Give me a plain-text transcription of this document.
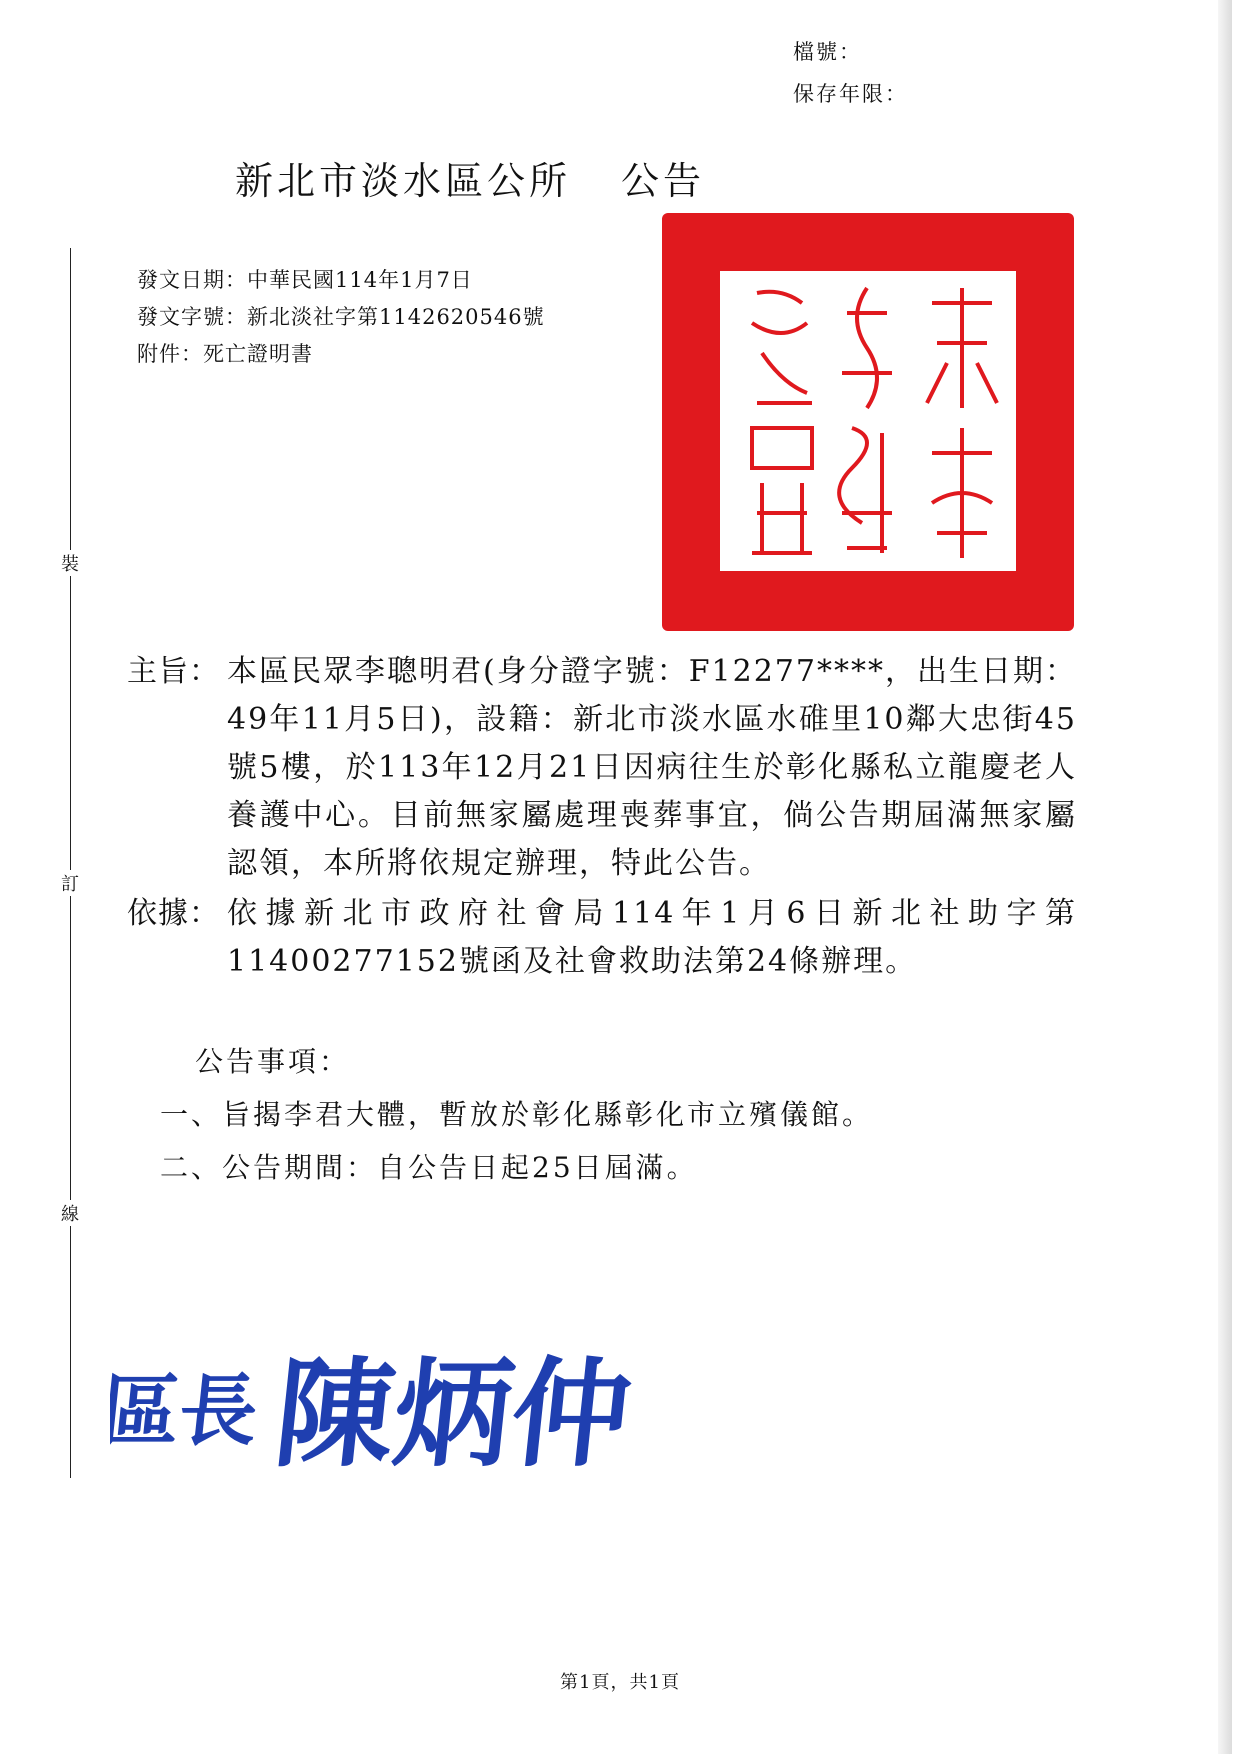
檔號：
保存年限：
新北市淡水區公所 公告
裝
訂
線
發文日期：中華民國114年1月7日
發文字號：新北淡社字第1142620546號
附件：死亡證明書
主旨： 本區民眾李聰明君(身分證字號：F12277****，出生日期：49年11月5日)，設籍：新北市淡水區水碓里10鄰大忠街45號5樓，於113年12月21日因病往生於彰化縣私立龍慶老人養護中心。目前無家屬處理喪葬事宜，倘公告期屆滿無家屬認領，本所將依規定辦理，特此公告。
依據： 依據新北市政府社會局114年1月6日新北社助字第11400277152號函及社會救助法第24條辦理。
公告事項：
一、旨揭李君大體，暫放於彰化縣彰化市立殯儀館。
二、公告期間：自公告日起25日屆滿。
區長 陳炳仲
第1頁，共1頁
